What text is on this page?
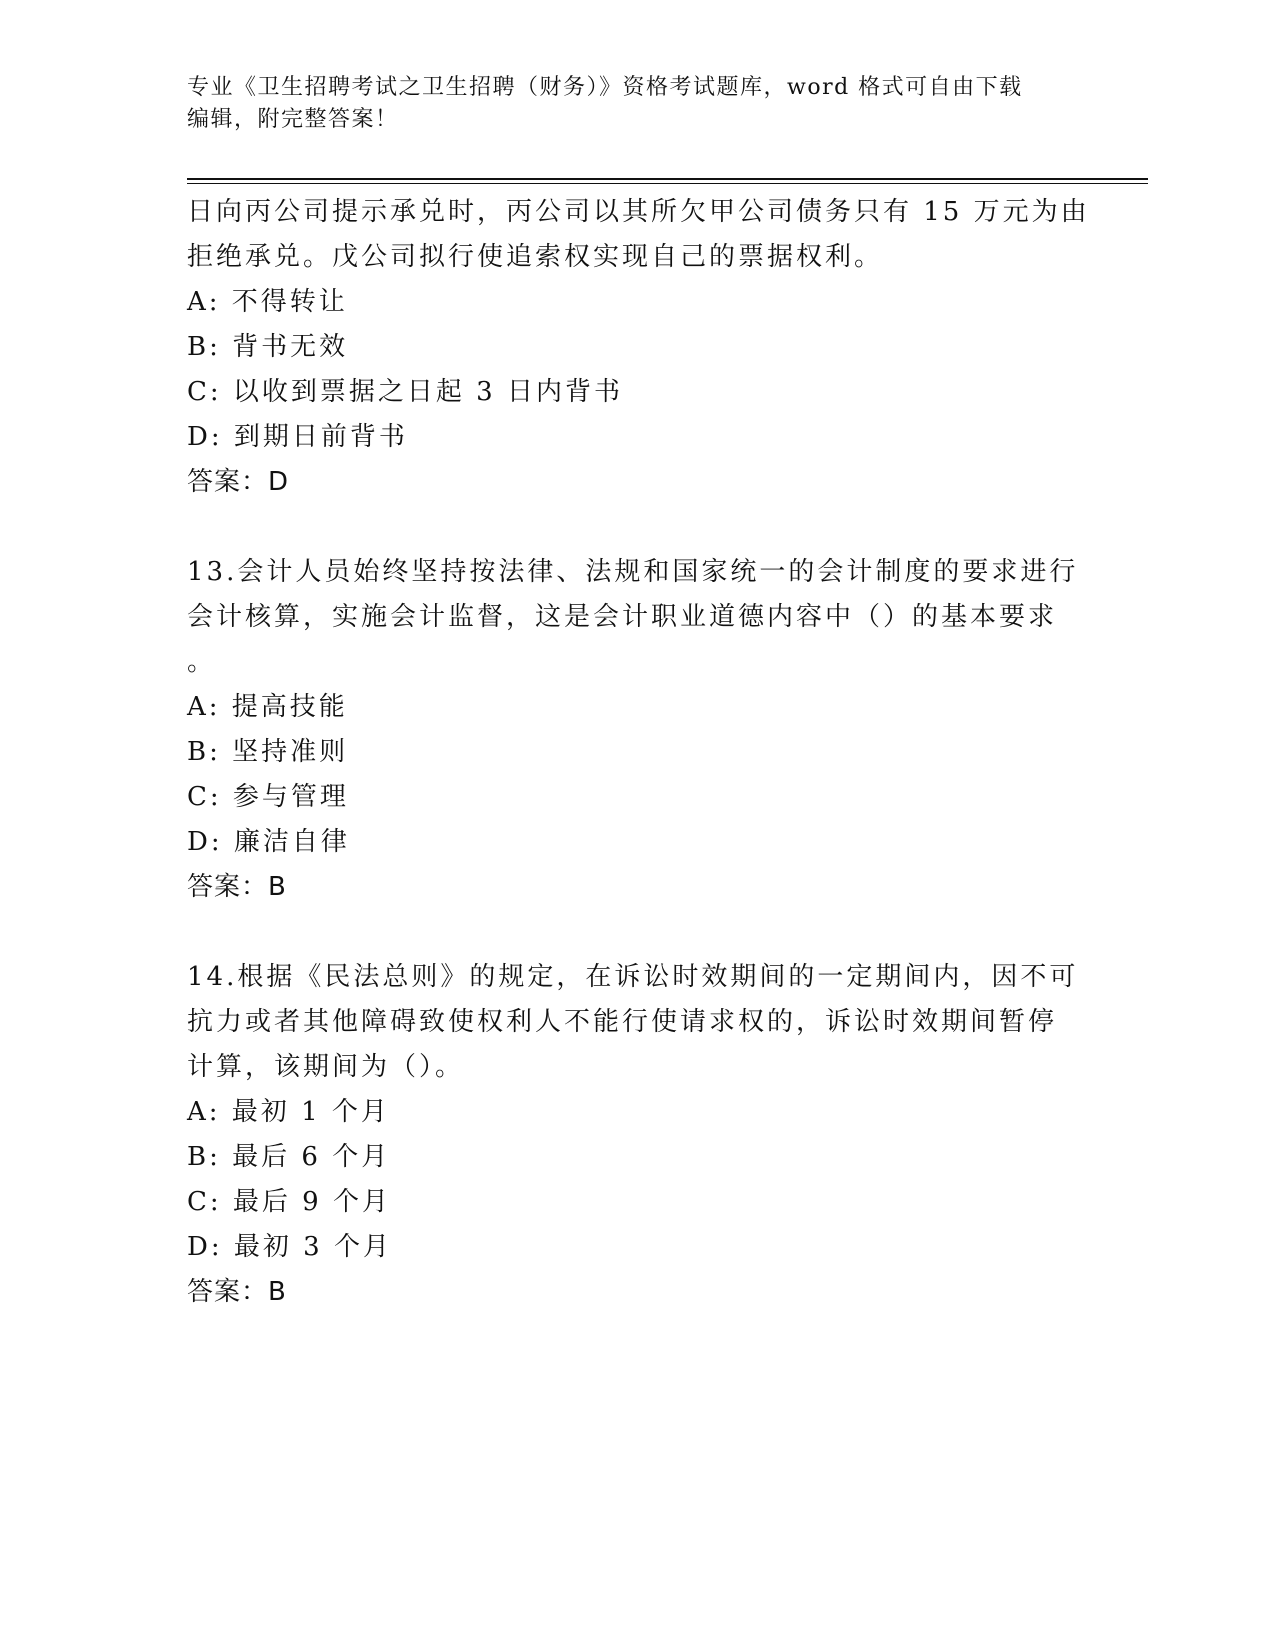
专业《卫生招聘考试之卫生招聘（财务）》资格考试题库，word 格式可自由下载
编辑，附完整答案！
日向丙公司提示承兑时，丙公司以其所欠甲公司债务只有 15 万元为由
拒绝承兑。戊公司拟行使追索权实现自己的票据权利。
A: 不得转让
B: 背书无效
C: 以收到票据之日起 3 日内背书
D: 到期日前背书
答案：D
13.会计人员始终坚持按法律、法规和国家统一的会计制度的要求进行
会计核算，实施会计监督，这是会计职业道德内容中（）的基本要求
。
A: 提高技能
B: 坚持准则
C: 参与管理
D: 廉洁自律
答案：B
14.根据《民法总则》的规定，在诉讼时效期间的一定期间内，因不可
抗力或者其他障碍致使权利人不能行使请求权的，诉讼时效期间暂停
计算，该期间为（）。
A: 最初 1 个月
B: 最后 6 个月
C: 最后 9 个月
D: 最初 3 个月
答案：B
